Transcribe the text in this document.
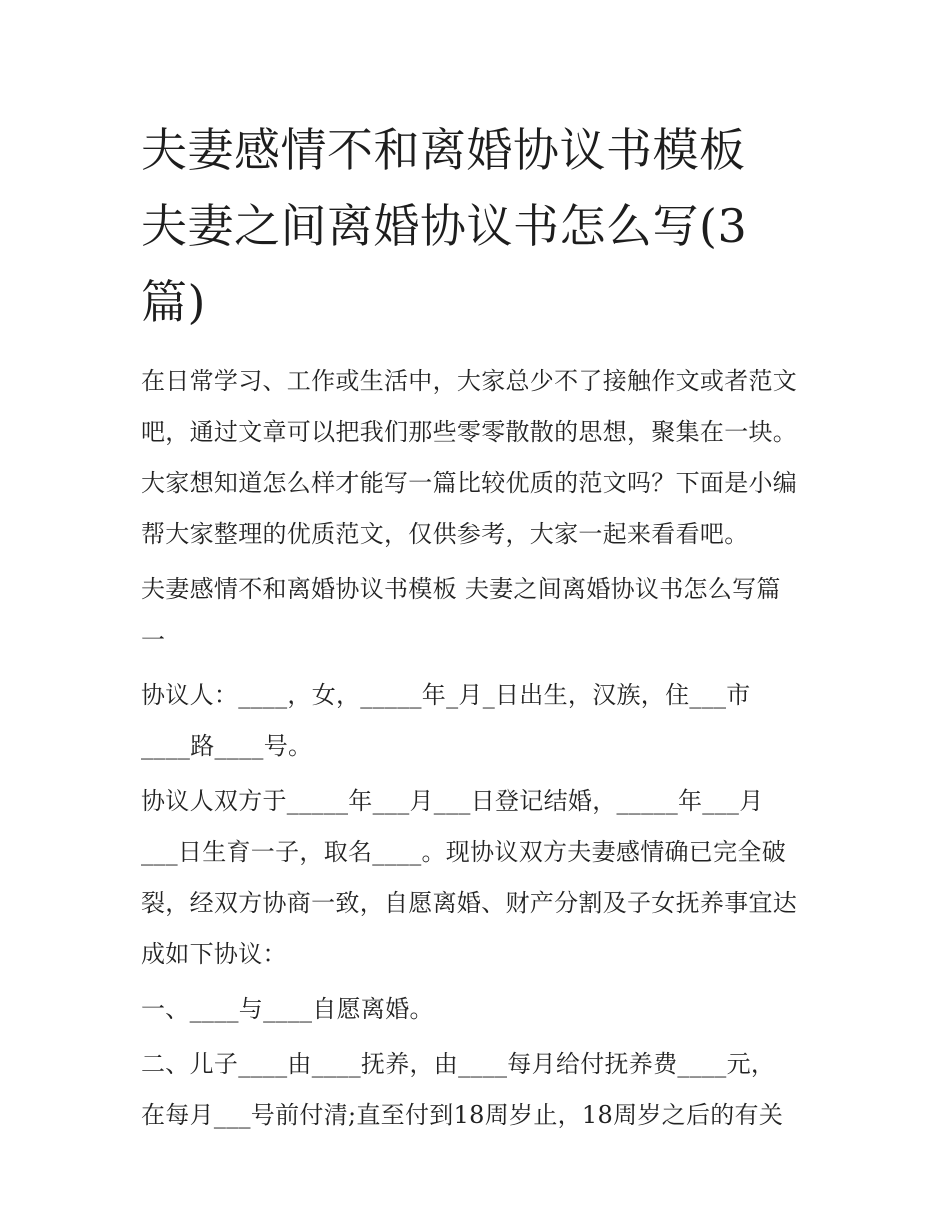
夫妻感情不和离婚协议书模板
夫妻之间离婚协议书怎么写(3
篇)

在日常学习、工作或生活中，大家总少不了接触作文或者范文
吧，通过文章可以把我们那些零零散散的思想，聚集在一块。
大家想知道怎么样才能写一篇比较优质的范文吗？下面是小编
帮大家整理的优质范文，仅供参考，大家一起来看看吧。

夫妻感情不和离婚协议书模板 夫妻之间离婚协议书怎么写篇
一

协议人：____，女，_____年_月_日出生，汉族，住___市
____路____号。

协议人双方于_____年___月___日登记结婚，_____年___月
___日生育一子，取名____。现协议双方夫妻感情确已完全破
裂，经双方协商一致，自愿离婚、财产分割及子女抚养事宜达
成如下协议：

一、____与____自愿离婚。

二、儿子____由____抚养，由____每月给付抚养费____元，
在每月___号前付清;直至付到18周岁止，18周岁之后的有关
